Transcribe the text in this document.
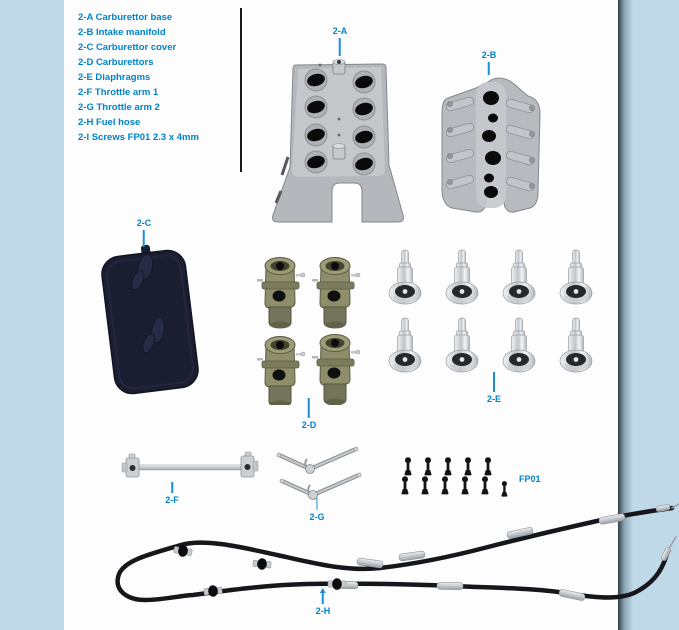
2-A Carburettor base
2-B Intake manifold
2-C Carburettor cover
2-D Carburettors
2-E Diaphragms
2-F Throttle arm 1
2-G Throttle arm 2
2-H Fuel hose
2-I Screws FP01 2.3 x 4mm
2-A
2-B
2-C
2-D
2-E
2-F
2-G
FP01
2-H
